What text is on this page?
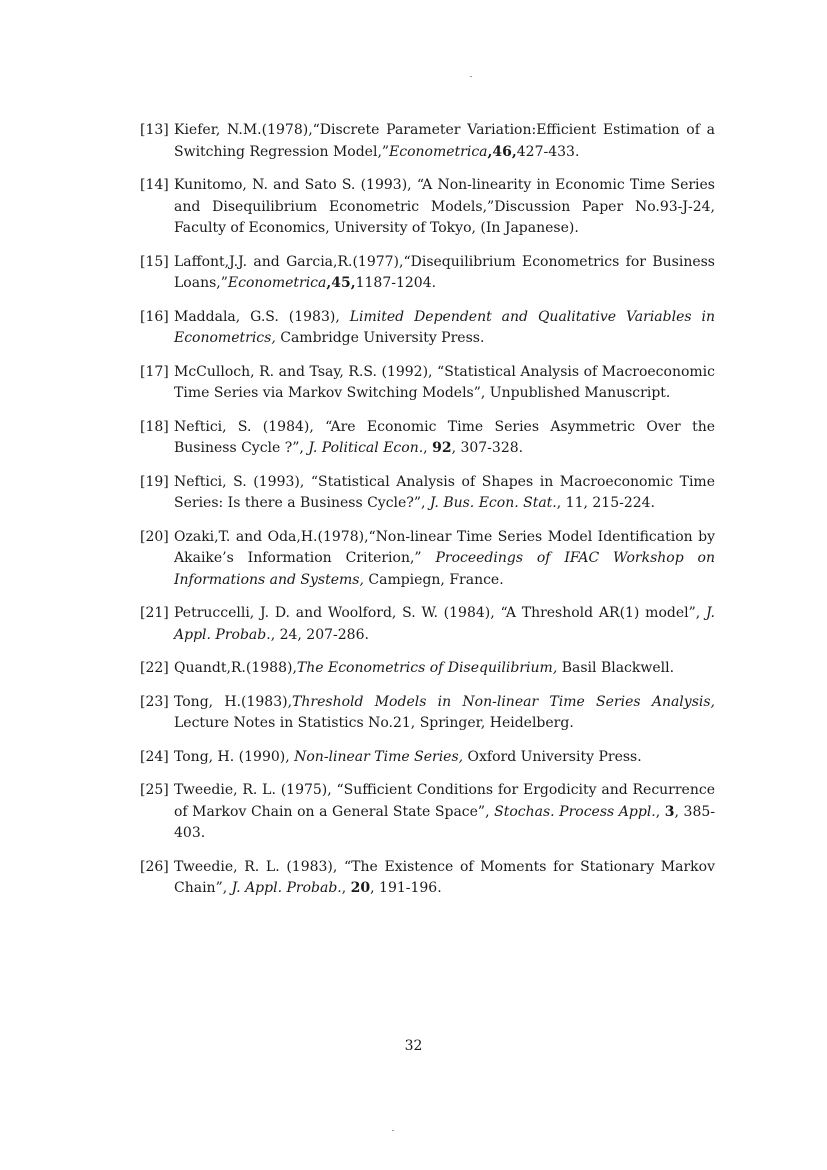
[13] Kiefer, N.M.(1978),“Discrete Parameter Variation:Efficient Estimation of a Switching Regression Model,”Econometrica,46,427-433.
[14] Kunitomo, N. and Sato S. (1993), “A Non-linearity in Economic Time Series and Disequilibrium Econometric Models,”Discussion Paper No.93-J-24, Faculty of Economics, University of Tokyo, (In Japanese).
[15] Laffont,J.J. and Garcia,R.(1977),“Disequilibrium Econometrics for Business Loans,”Econometrica,45,1187-1204.
[16] Maddala, G.S. (1983), Limited Dependent and Qualitative Variables in Econometrics, Cambridge University Press.
[17] McCulloch, R. and Tsay, R.S. (1992), “Statistical Analysis of Macroeconomic Time Series via Markov Switching Models”, Unpublished Manuscript.
[18] Neftici, S. (1984), “Are Economic Time Series Asymmetric Over the Business Cycle ?”, J. Political Econ., 92, 307-328.
[19] Neftici, S. (1993), “Statistical Analysis of Shapes in Macroeconomic Time Series: Is there a Business Cycle?”, J. Bus. Econ. Stat., 11, 215-224.
[20] Ozaki,T. and Oda,H.(1978),“Non-linear Time Series Model Identification by Akaike’s Information Criterion,” Proceedings of IFAC Workshop on Informations and Systems, Campiegn, France.
[21] Petruccelli, J. D. and Woolford, S. W. (1984), “A Threshold AR(1) model”, J. Appl. Probab., 24, 207-286.
[22] Quandt,R.(1988),The Econometrics of Disequilibrium, Basil Blackwell.
[23] Tong, H.(1983),Threshold Models in Non-linear Time Series Analysis, Lecture Notes in Statistics No.21, Springer, Heidelberg.
[24] Tong, H. (1990), Non-linear Time Series, Oxford University Press.
[25] Tweedie, R. L. (1975), “Sufficient Conditions for Ergodicity and Recurrence of Markov Chain on a General State Space”, Stochas. Process Appl., 3, 385-403.
[26] Tweedie, R. L. (1983), “The Existence of Moments for Stationary Markov Chain”, J. Appl. Probab., 20, 191-196.
32
